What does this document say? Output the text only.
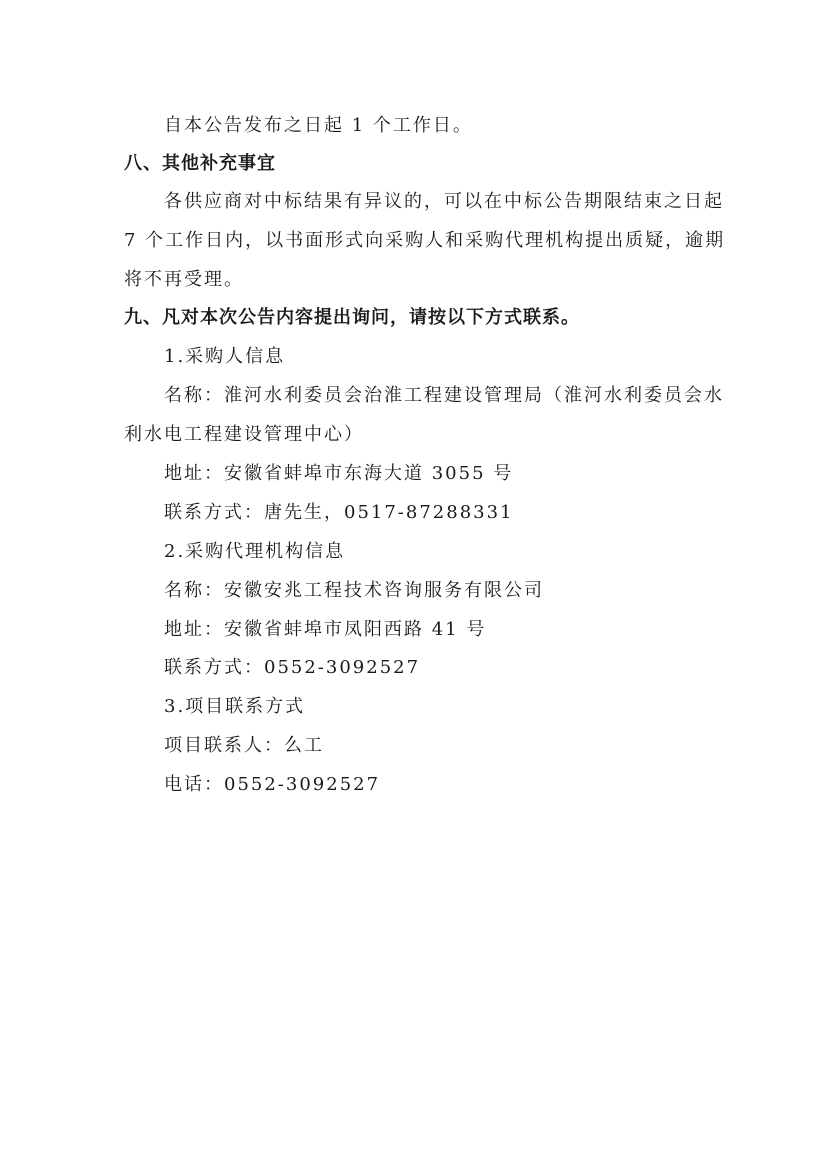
自本公告发布之日起 1 个工作日。
八、其他补充事宜
各供应商对中标结果有异议的，可以在中标公告期限结束之日起
7 个工作日内，以书面形式向采购人和采购代理机构提出质疑，逾期
将不再受理。
九、凡对本次公告内容提出询问，请按以下方式联系。
1.采购人信息
名称：淮河水利委员会治淮工程建设管理局（淮河水利委员会水
利水电工程建设管理中心）
地址：安徽省蚌埠市东海大道 3055 号
联系方式：唐先生，0517-87288331
2.采购代理机构信息
名称：安徽安兆工程技术咨询服务有限公司
地址：安徽省蚌埠市凤阳西路 41 号
联系方式：0552-3092527
3.项目联系方式
项目联系人：么工
电话：0552-3092527
